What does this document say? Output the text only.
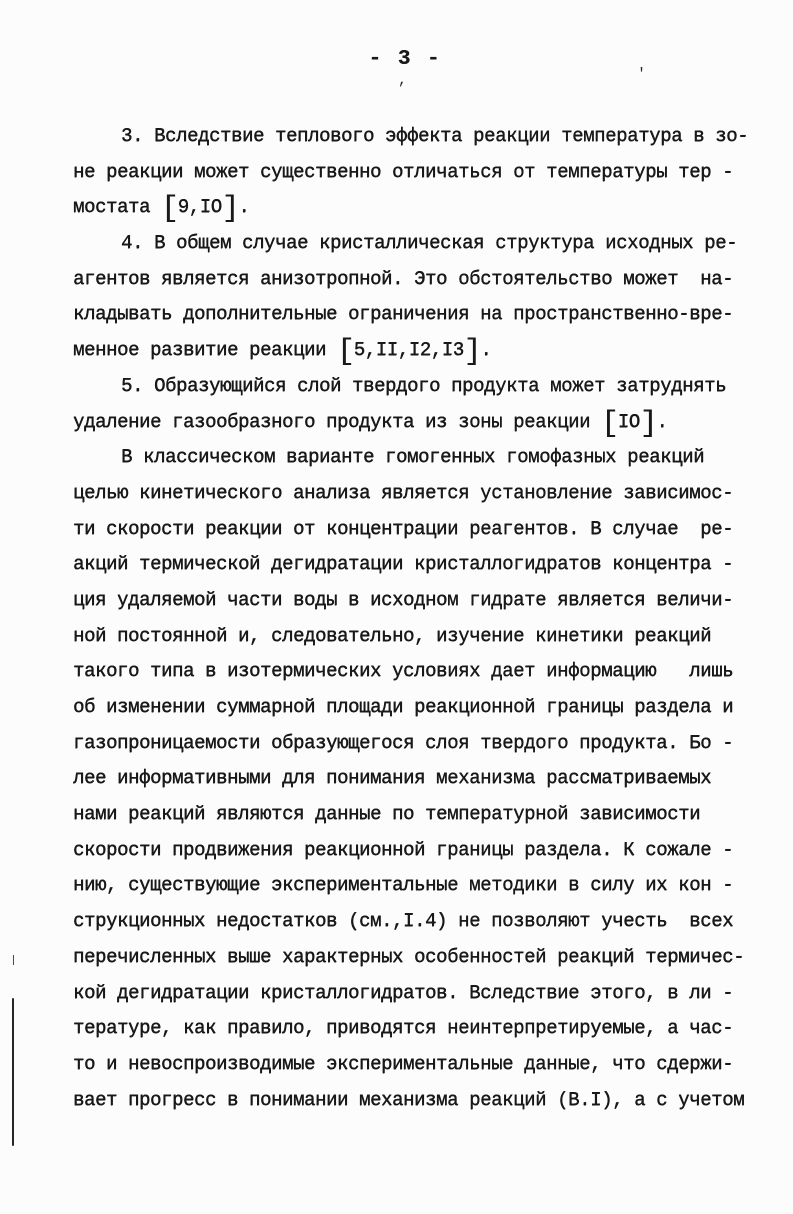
- 3 -
,	'
3. Вследствие теплового эффекта реакции температура в зо-
не реакции может существенно отличаться от температуры тер -
мостата [9,IO].
4. В общем случае кристаллическая структура исходных ре-
агентов является анизотропной. Это обстоятельство может  на-
кладывать дополнительные ограничения на пространственно-вре-
менное развитие реакции [5,II,I2,I3].
5. Образующийся слой твердого продукта может затруднять
удаление газообразного продукта из зоны реакции [IO].
В классическом варианте гомогенных гомофазных реакций
целью кинетического анализа является установление зависимос-
ти скорости реакции от концентрации реагентов. В случае  ре-
акций термической дегидратации кристаллогидратов концентра -
ция удаляемой части воды в исходном гидрате является величи-
ной постоянной и, следовательно, изучение кинетики реакций
такого типа в изотермических условиях дает информацию   лишь
об изменении суммарной площади реакционной границы раздела и
газопроницаемости образующегося слоя твердого продукта. Бо -
лее информативными для понимания механизма рассматриваемых
нами реакций являются данные по температурной зависимости
скорости продвижения реакционной границы раздела. К сожале -
нию, существующие экспериментальные методики в силу их кон -
струкционных недостатков (см.,I.4) не позволяют учесть  всех
перечисленных выше характерных особенностей реакций термичес-
кой дегидратации кристаллогидратов. Вследствие этого, в ли -
тературе, как правило, приводятся неинтерпретируемые, а час-
то и невоспроизводимые экспериментальные данные, что сдержи-
вает прогресс в понимании механизма реакций (В.I), а с учетом
